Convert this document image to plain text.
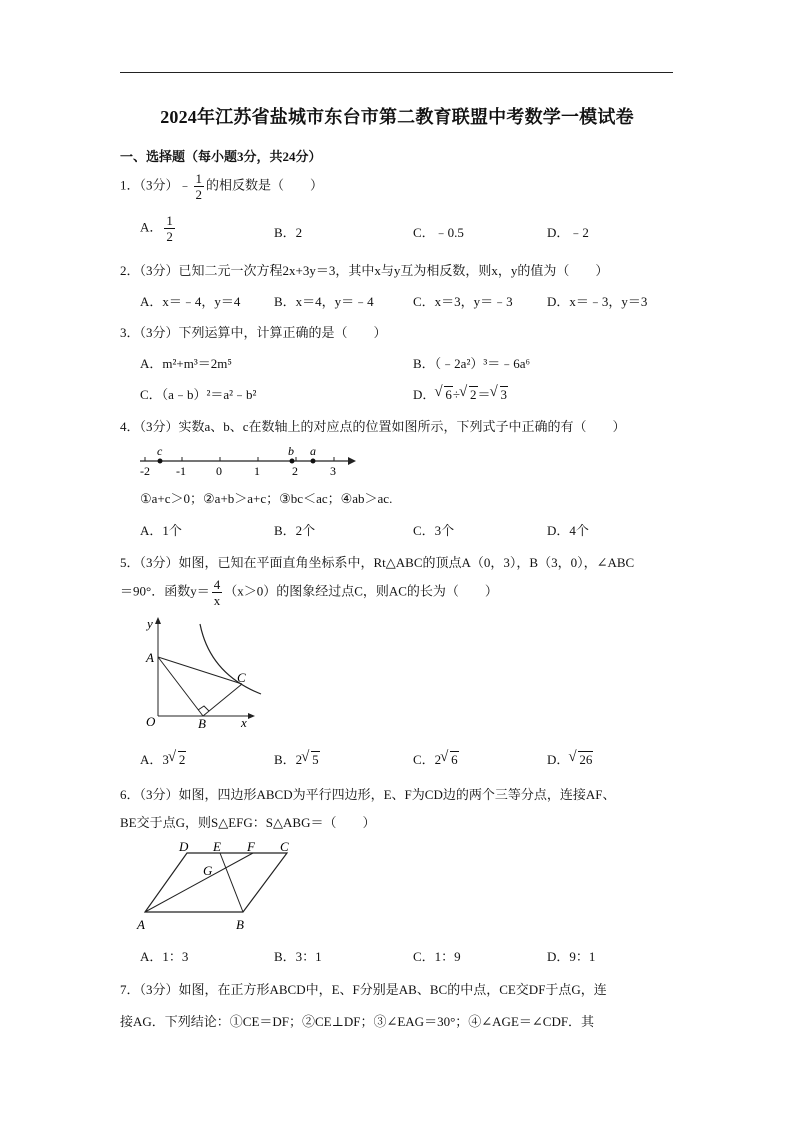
2024年江苏省盐城市东台市第二教育联盟中考数学一模试卷
一、选择题（每小题3分，共24分）
1．（3分）﹣ $\frac{1}{2}$ 的相反数是（　　）
A． $\frac{1}{2}$	B．2	C．﹣0.5	D．﹣2
2．（3分）已知二元一次方程2x+3y＝3，其中x与y互为相反数，则x，y的值为（　　）
A．x＝﹣4，y＝4	B．x＝4，y＝﹣4	C．x＝3，y＝﹣3	D．x＝﹣3，y＝3
3．（3分）下列运算中，计算正确的是（　　）
A．m²+m³＝2m⁵	B．（﹣2a²）³＝﹣6a⁶
C．（a﹣b）²＝a²﹣b²	D． √ 6÷ √ 2＝ √ 3
4．（3分）实数a、b、c在数轴上的对应点的位置如图所示，下列式子中正确的有（　　）
-2 -1	0	1	2	3
c	b a
①a+c＞0；②a+b＞a+c；③bc＜ac；④ab＞ac.
A．1个	B．2个	C．3个	D．4个
5．（3分）如图，已知在平面直角坐标系中，Rt△ABC的顶点A（0，3），B（3，0），∠ABC
＝90°．函数$y= \frac{4}{x} (x>0)$的图象经过点C，则AC的长为（　　）
y
A
C
O	B	x
A．3 √ 2	B．2 √ 5	C．2 √ 6	D． √ 26
6．（3分）如图，四边形ABCD为平行四边形，E、F为CD边的两个三等分点，连接AF、
BE交于点G，则S△EFG：S△ABG＝（　　）
D E F C
G
A	B
A．1：3	B．3：1	C．1：9	D．9：1
7．（3分）如图，在正方形ABCD中，E、F分别是AB、BC的中点，CE交DF于点G，连
接AG．下列结论：①CE＝DF；②CE⊥DF；③∠EAG＝30°；④∠AGE＝∠CDF．其
